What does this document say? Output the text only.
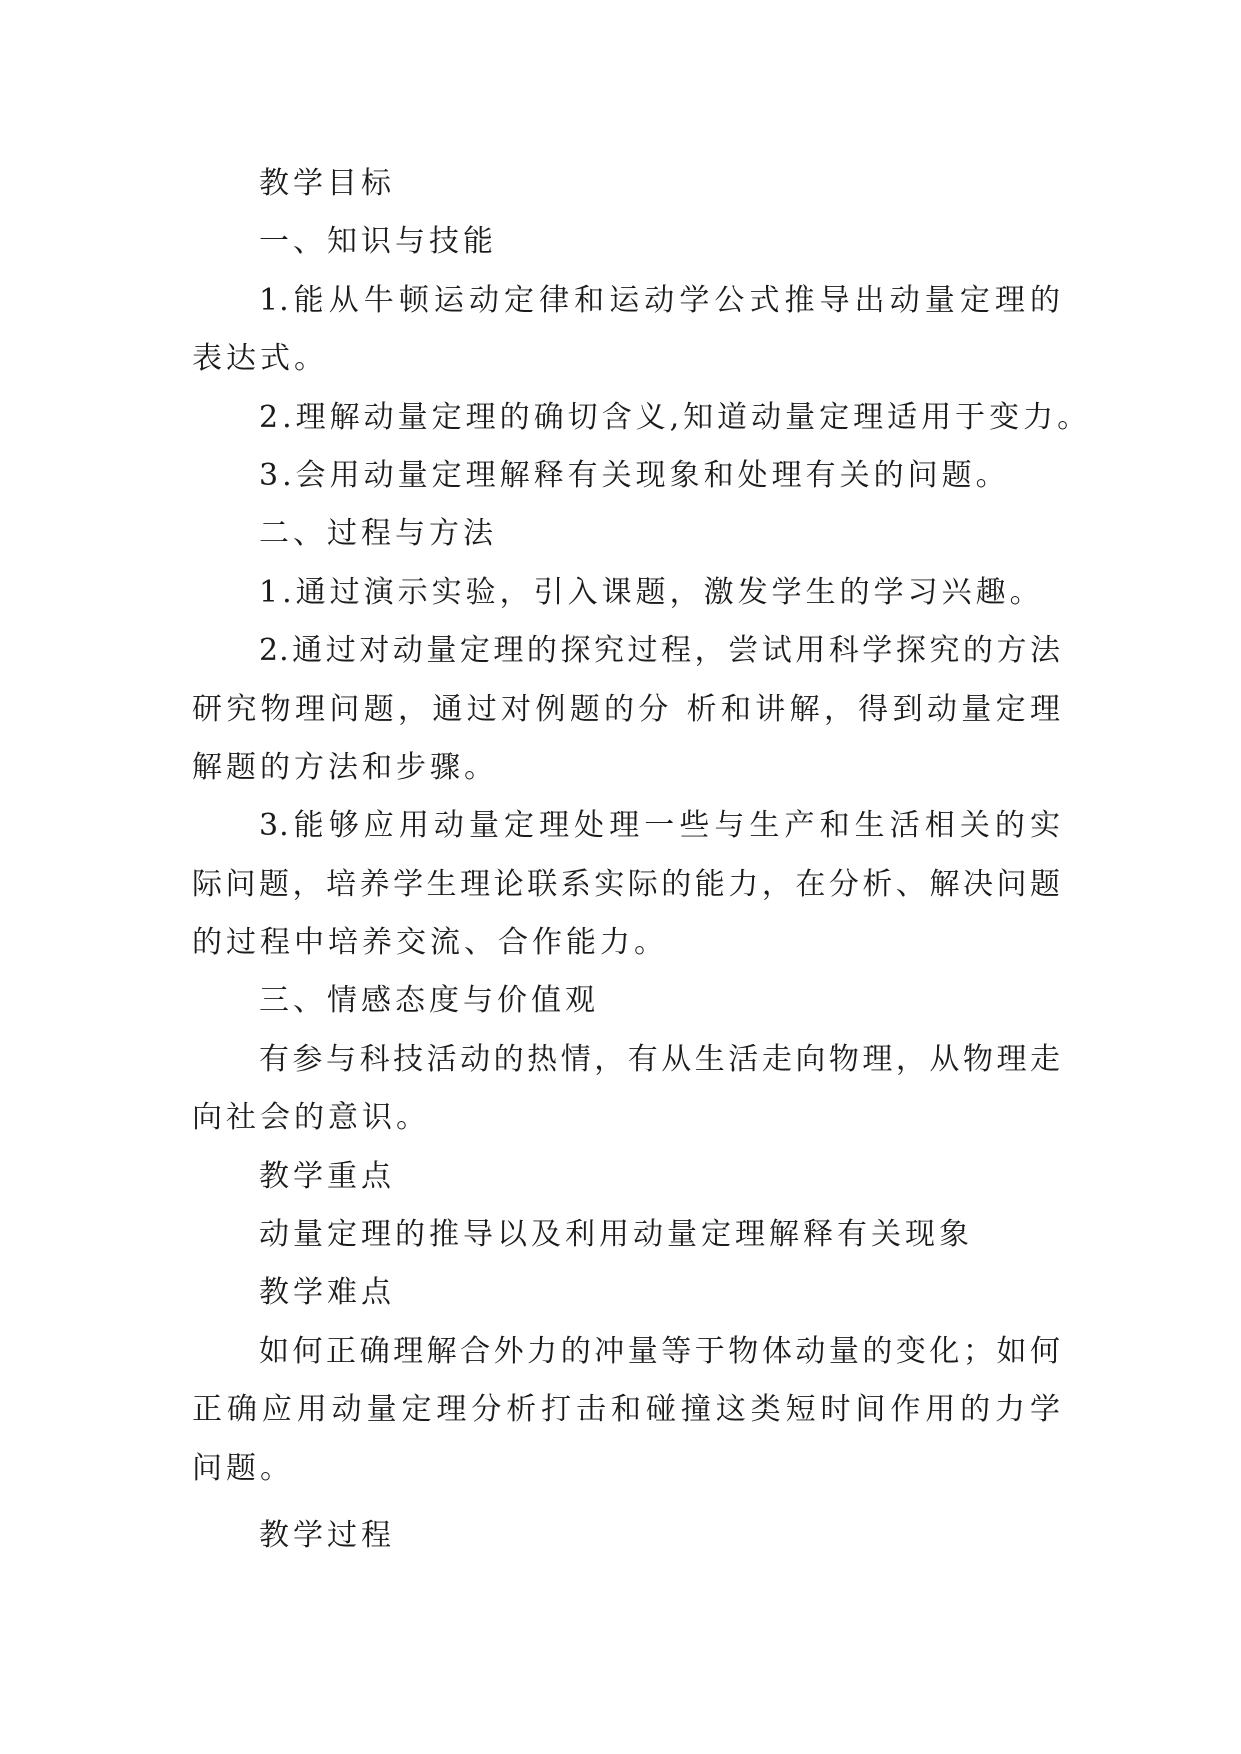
教学目标
一、知识与技能
1.能从牛顿运动定律和运动学公式推导出动量定理的
表达式。
2.理解动量定理的确切含义,知道动量定理适用于变力。
3.会用动量定理解释有关现象和处理有关的问题。
二、过程与方法
1.通过演示实验，引入课题，激发学生的学习兴趣。
2.通过对动量定理的探究过程，尝试用科学探究的方法
研究物理问题，通过对例题的分 析和讲解，得到动量定理
解题的方法和步骤。
3.能够应用动量定理处理一些与生产和生活相关的实
际问题，培养学生理论联系实际的能力，在分析、解决问题
的过程中培养交流、合作能力。
三、情感态度与价值观
有参与科技活动的热情，有从生活走向物理，从物理走
向社会的意识。
教学重点
动量定理的推导以及利用动量定理解释有关现象
教学难点
如何正确理解合外力的冲量等于物体动量的变化；如何
正确应用动量定理分析打击和碰撞这类短时间作用的力学
问题。
教学过程
